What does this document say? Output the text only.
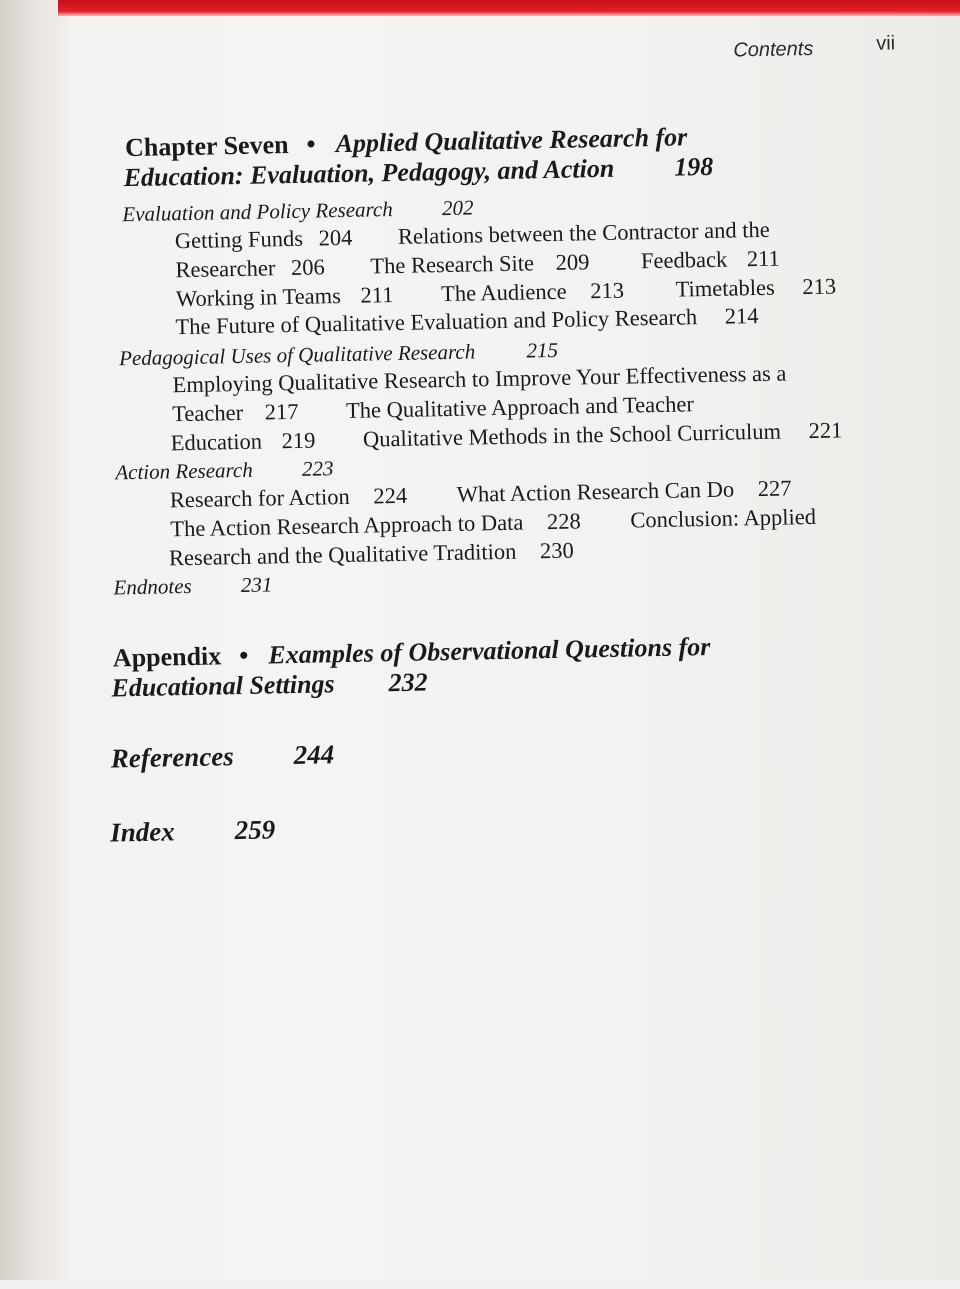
Contents	vii
Chapter Seven • Applied Qualitative Research for
Education: Evaluation, Pedagogy, and Action 198
Evaluation and Policy Research 202
Getting Funds 204 Relations between the Contractor and the
Researcher 206 The Research Site 209 Feedback 211
Working in Teams 211 The Audience 213 Timetables 213
The Future of Qualitative Evaluation and Policy Research 214
Pedagogical Uses of Qualitative Research 215
Employing Qualitative Research to Improve Your Effectiveness as a
Teacher 217 The Qualitative Approach and Teacher
Education 219 Qualitative Methods in the School Curriculum 221
Action Research 223
Research for Action 224 What Action Research Can Do 227
The Action Research Approach to Data 228 Conclusion: Applied
Research and the Qualitative Tradition 230
Endnotes 231
Appendix • Examples of Observational Questions for
Educational Settings 232
References 244
Index 259
